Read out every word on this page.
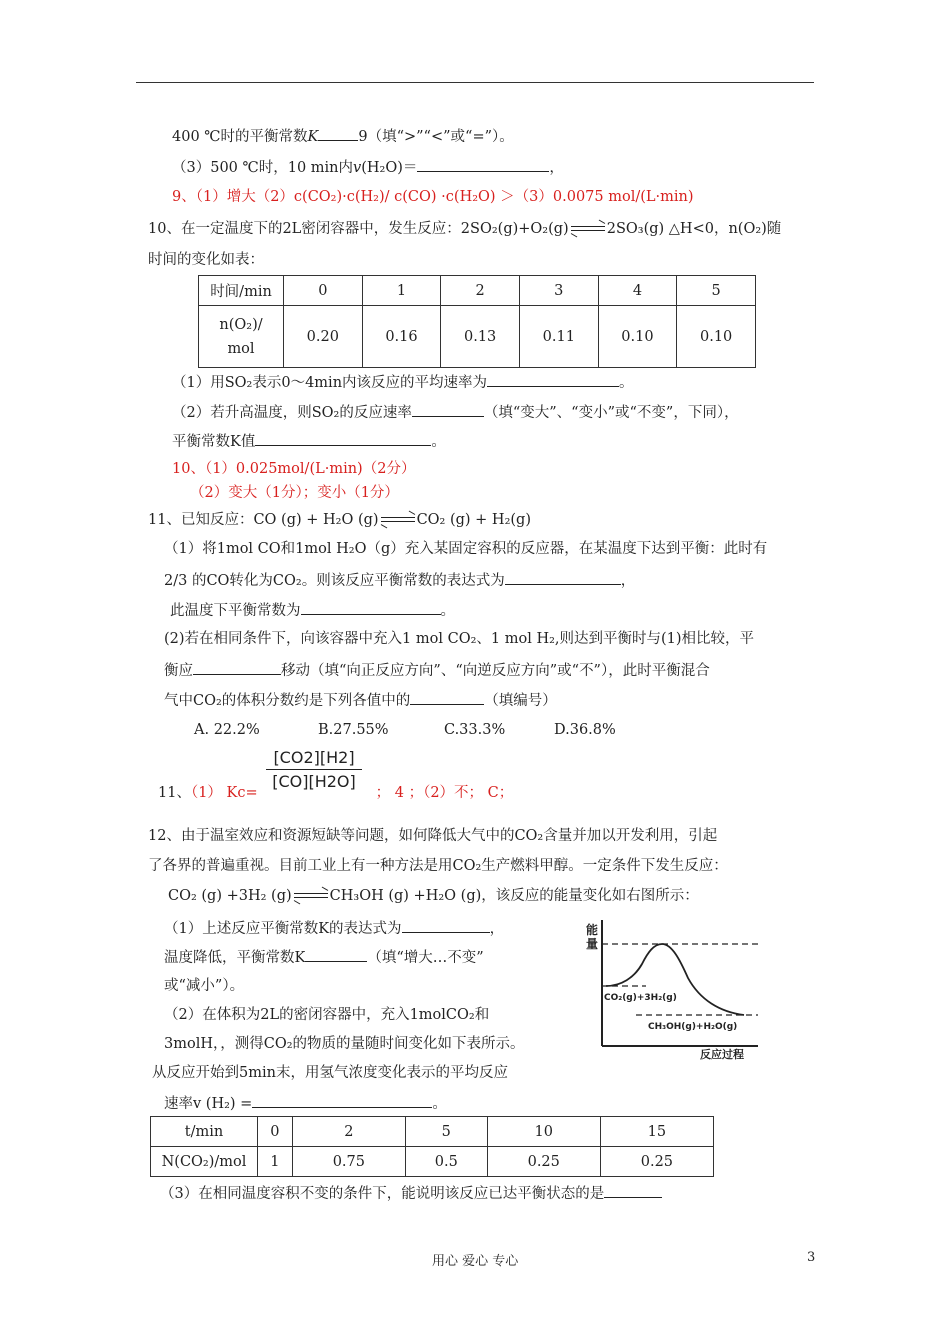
400 ℃时的平衡常数K	9（填“>”“<”或“=”）。
（3）500 ℃时，10 min内v(H₂O)＝	，
9、（1）增大（2）c(CO₂)·c(H₂)/ c(CO) ·c(H₂O) ＞（3）0.0075 mol/(L·min)
10、在一定温度下的2L密闭容器中，发生反应：2SO₂(g)+O₂(g)	2SO₃(g) △H<0，n(O₂)随
时间的变化如表：
时间/min	0	1	2	3	4	5

n(O₂)/
mol	0.20	0.16	0.13	0.11	0.10	0.10
（1）用SO₂表示0～4min内该反应的平均速率为	。
（2）若升高温度，则SO₂的反应速率	（填“变大”、“变小”或“不变”，下同），
平衡常数K值	。
10、（1）0.025mol/(L·min)（2分）
（2）变大（1分）；变小（1分）
11、已知反应：CO (g) + H₂O (g)	CO₂ (g) + H₂(g)
（1）将1mol CO和1mol H₂O（g）充入某固定容积的反应器，在某温度下达到平衡：此时有
2/3 的CO转化为CO₂。则该反应平衡常数的表达式为	，
此温度下平衡常数为	。
(2)若在相同条件下，向该容器中充入1 mol CO₂、1 mol H₂,则达到平衡时与(1)相比较，平
衡应	移动（填“向正反应方向”、“向逆反应方向”或“不”），此时平衡混合
气中CO₂的体积分数约是下列各值中的	（填编号）
A. 22.2%	B.27.55%	C.33.3%	D.36.8%
$\frac{[CO2][H2]}{[CO][H2O]}$
11、（1） Kc=	； 4 ；（2）不； C；
12、由于温室效应和资源短缺等问题，如何降低大气中的CO₂含量并加以开发利用，引起
了各界的普遍重视。目前工业上有一种方法是用CO₂生产燃料甲醇。一定条件下发生反应：
CO₂ (g) +3H₂ (g)	CH₃OH (g) +H₂O (g)，该反应的能量变化如右图所示：
（1）上述反应平衡常数K的表达式为	，
温度降低，平衡常数K	（填“增大…不变”
或“减小”）。
（2）在体积为2L的密闭容器中，充入1molCO₂和
3molH，，测得CO₂的物质的量随时间变化如下表所示。
从反应开始到5min末，用氢气浓度变化表示的平均反应
速率v (H₂) =	。
能
量
CO₂(g)+3H₂(g)
CH₃OH(g)+H₂O(g)
反应过程
t/min	0	2	5	10	15
N(CO₂)/mol	1	0.75	0.5	0.25	0.25
（3）在相同温度容积不变的条件下，能说明该反应已达平衡状态的是
用心 爱心 专心	3
